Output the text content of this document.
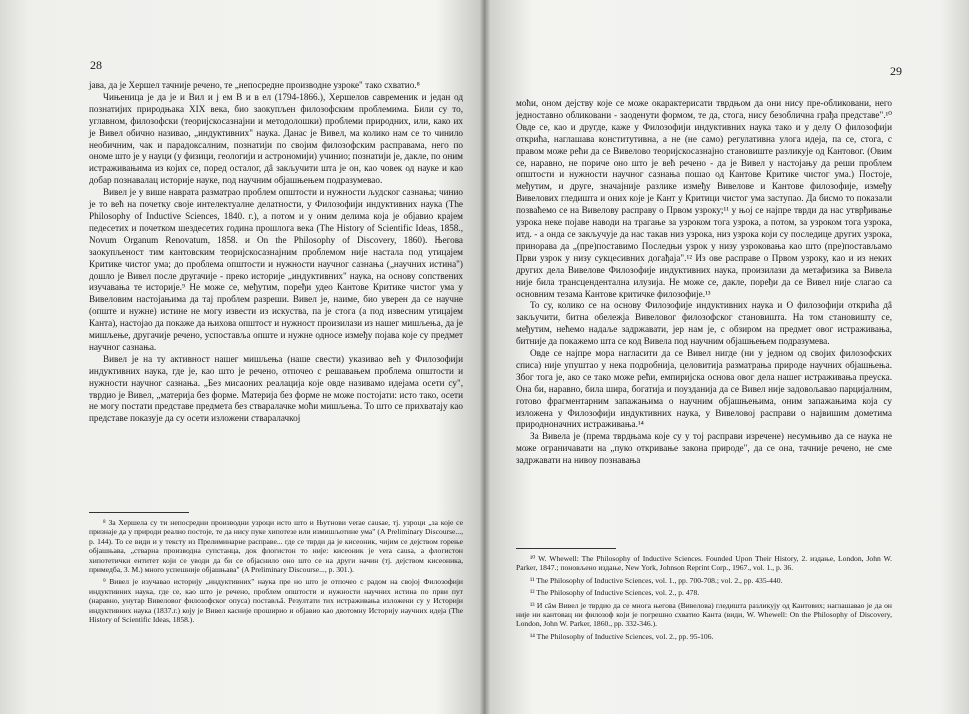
28

јава, да је Хершел тачније речено, те „непосредне производне узроке" тако схватио.⁸

Чињеница је да је и Вил и ј ем В и в ел (1794-1866.), Хершелов савременик и један од познатијих природњака XIX века, био заокупљен филозофским проблемима. Били су то, углавном, филозофски (теоријскосазнајни и методолошки) проблеми природних, или, како их је Вивел обично називао, „индуктивних" наука. Данас је Вивел, ма колико нам се то чинило необичним, чак и парадоксалним, познатији по својим филозофским расправама, него по ономе што је у науци (у физици, геологији и астрономији) учинио; познатији је, дакле, по оним истраживањима из којих се, поред осталог, дâ закључити шта је он, као човек од науке и као добар познавалац историје науке, под научним објашњењем подразумевао.

Вивел је у више наврата разматрао проблем општости и нужности људског сазнања; чинио је то већ на почетку своје интелектуалне делатности, у Филозофији индуктивних наука (The Philosophy of Inductive Sciences, 1840. г.), а потом и у оним делима која је објавио крајем педесетих и почетком шездесетих година прошлога века (The History of Scientific Ideas, 1858., Novum Organum Renovatum, 1858. и On the Philosophy of Discovery, 1860). Његова заокупљеност тим кантовским теоријскосазнајним проблемом није настала под утицајем Критике чистог ума; до проблема општости и нужности научног сазнања („научних истина") дошло је Вивел после другачије - преко историје „индуктивних" наука, на основу сопствених изучавања те историје.⁹ Не може се, међутим, поређи удео Кантове Критике чистог ума у Вивеловим настојањима да тај проблем разреши. Вивел је, наиме, био уверен да се научне (опште и нужне) истине не могу извести из искуства, па је стога (а под извесним утицајем Канта), настојао да покаже да њихова општост и нужност произилази из нашег мишљења, да је мишљење, другачије речено, успоставља опште и нужне односе између појава које су предмет научног сазнања.

Вивел је на ту активност нашег мишљења (наше свести) указивао већ у Филозофији индуктивних наука, где је, као што је речено, отпочео с решавањем проблема општости и нужности научног сазнања. „Без мисаоних реалација које овде називамо идејама осети су", тврдио је Вивел, „материја без форме. Материја без форме не може постојати: исто тако, осети не могу постати представе предмета без стваралачке моћи мишљења. То што се прихватају као представе показује да су осети изложени стваралачкој

⁸ За Хершела су ти непосредни производни узроци исто што и Њутнови verae causae, тј. узроци „за које се признаје да у природи реално постоје, те да нису пуке хипотезе или измишљотине ума" (A Preliminary Discourse..., p. 144). То се види и у тексту из Прелиминарне расправе... где се тврди да је кисеоник, чијим се дејством горење објашњава, „стварна производна супстанца, док флогистон то није: кисеоник је vera causa, а флогистон хипотетички ентитет који се уводи да би се објаснило оно што се на други начин (тј. дејством кисеоника, примедба, З. М.) много успешније објашњава" (A Preliminary Discourse..., p. 301.).

⁹ Вивел је изучавао историју „индуктивних" наука пре но што је отпочео с радом на својој Филозофији индуктивних наука, где се, као што је речено, проблем општости и нужности научних истина по први пут (наравно, унутар Вивеловог филозофског опуса) постављâ. Резултати тих истраживања изложени су у Историји индуктивних наука (1837.г.) коју је Вивел касније проширио и објавио као двотомну Историју научних идеја (The History of Scientific Ideas, 1858.).

моћи, оном дејству које се може окарактерисати тврдњом да они нису пре-обликовани, него једноставно обликовани - заоденути формом, те да, стога, нису безоблична грађа представе".¹⁰ Овде се, као и другде, каже у Филозофији индуктивних наука тако и у делу О филозофији открића, наглашава конститутивна, а не (не само) регулативна улога идеја, па се, стога, с правом може рећи да се Вивелово теоријскосазнајно становиште разликује од Кантовог. (Овим се, наравно, не пориче оно што је већ речено - да је Вивел у настојању да реши проблем општости и нужности научног сазнања пошао од Кантове Критике чистог ума.) Постоје, међутим, и друге, значајније разлике између Вивелове и Кантове филозофије, између Вивеловиx гледишта и оних које је Кант у Критици чистог ума заступао. Да бисмо то показали позваћемо се на Вивелову расправу о Првом узроку;¹¹ у њој се најпре тврди да нас утврђивање узрока неке појаве наводи на трагање за узроком тога узрока, а потом, за узроком тога узрока, итд. - а онда се закључује да нас такав низ узрока, низ узрока који су последице других узрока, принорава да „(пре)поставимо Последњи узрок у низу узроковања као што (пре)постављамо Први узрок у низу сукцесивних догађаја".¹² Из ове расправе о Првом узроку, као и из неких других дела Вивелове Филозофије индуктивних наука, произилази да метафизика за Вивела није била трансцендентална илузија. Не може се, дакле, поређи да се Вивел није слагао са основним тезама Кантове критичке филозофије.¹³

То су, колико се на основу Филозофије индуктивних наука и О филозофији открића дâ закључити, битна обележја Вивеловог филозофског становишта. На том становишту се, међутим, нећемо надаље задржавати, јер нам је, с обзиром на предмет овог истраживања, битније да покажемо шта се код Вивела под научним објашњењем подразумева.

Овде се најпре мора нагласити да се Вивел нигде (ни у једном од својих филозофских списа) није упуштао у нека подробнија, целовитија разматрања природе научних објашњења. Због тога је, ако се тако може рећи, емпиријска основа овог дела нашег истраживања преуска. Она би, наравно, била шира, богатија и поузданија да се Вивел није задовољавао парцијалним, готово фрагментарним запажањима о научним објашњењима, оним запажањима која су изложена у Филозофији индуктивних наука, у Вивеловој расправи о највишим дометима природноначних истраживања.¹⁴

За Вивела је (према тврдњама које су у тој расправи изречене) несумњиво да се наука не може ограничавати на „пуко откривање закона природе", да се она, тачније речено, не сме задржавати на нивоу познавања

¹⁰ W. Whewell: The Philosophy of Inductive Sciences. Founded Upon Their History, 2. издање, London, John W. Parker, 1847.; поновљено издање, New York, Johnson Reprint Corp., 1967., vol. 1., p. 36.

¹¹ The Philosophy of Inductive Sciences, vol. 1., pp. 700-708.; vol. 2., pp. 435-440.

¹² The Philosophy of Inductive Sciences, vol. 2., p. 478.

¹³ И сâм Вивел је тврдио да се многа његова (Вивелова) гледишта разликују од Кантових; наглашавао је да он није ни кантовац ни филозоф који је погрешно схватио Канта (види, W. Whewell: On the Philosophy of Discovery, London, John W. Parker, 1860., pp. 332-346.).

¹⁴ The Philosophy of Inductive Sciences, vol. 2., pp. 95-106.

29
